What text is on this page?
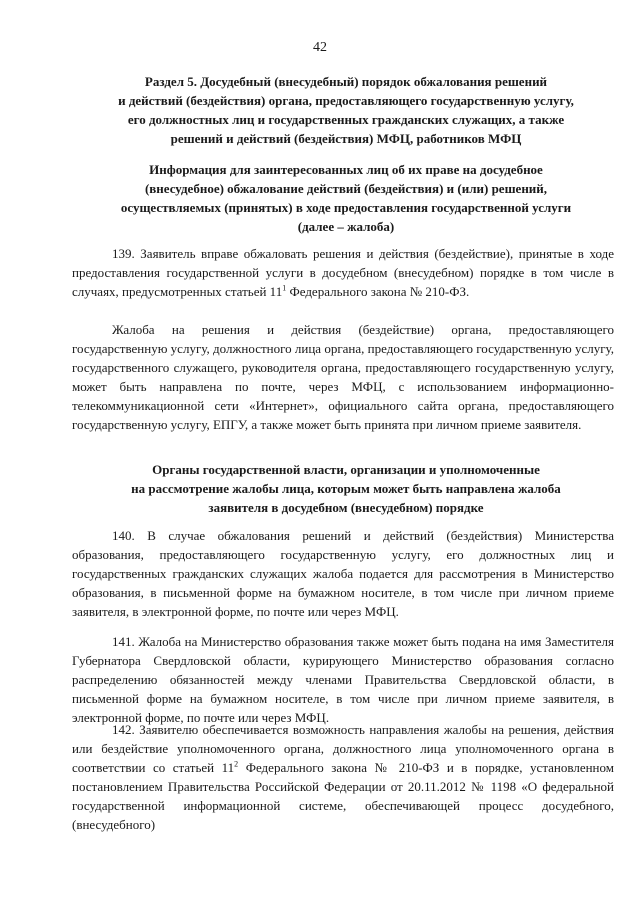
42
Раздел 5. Досудебный (внесудебный) порядок обжалования решений
и действий (бездействия) органа, предоставляющего государственную услугу,
его должностных лиц и государственных гражданских служащих, а также
решений и действий (бездействия) МФЦ, работников МФЦ
Информация для заинтересованных лиц об их праве на досудебное
(внесудебное) обжалование действий (бездействия) и (или) решений,
осуществляемых (принятых) в ходе предоставления государственной услуги
(далее – жалоба)
139. Заявитель вправе обжаловать решения и действия (бездействие), принятые в ходе предоставления государственной услуги в досудебном (внесудебном) порядке в том числе в случаях, предусмотренных статьей $11^1$ Федерального закона № 210-ФЗ.
Жалоба на решения и действия (бездействие) органа, предоставляющего государственную услугу, должностного лица органа, предоставляющего государственную услугу, государственного служащего, руководителя органа, предоставляющего государственную услугу, может быть направлена по почте, через МФЦ, с использованием информационно-телекоммуникационной сети «Интернет», официального сайта органа, предоставляющего государственную услугу, ЕПГУ, а также может быть принята при личном приеме заявителя.
Органы государственной власти, организации и уполномоченные
на рассмотрение жалобы лица, которым может быть направлена жалоба
заявителя в досудебном (внесудебном) порядке
140. В случае обжалования решений и действий (бездействия) Министерства образования, предоставляющего государственную услугу, его должностных лиц и государственных гражданских служащих жалоба подается для рассмотрения в Министерство образования, в письменной форме на бумажном носителе, в том числе при личном приеме заявителя, в электронной форме, по почте или через МФЦ.
141. Жалоба на Министерство образования также может быть подана на имя Заместителя Губернатора Свердловской области, курирующего Министерство образования согласно распределению обязанностей между членами Правительства Свердловской области, в письменной форме на бумажном носителе, в том числе при личном приеме заявителя, в электронной форме, по почте или через МФЦ.
142. Заявителю обеспечивается возможность направления жалобы на решения, действия или бездействие уполномоченного органа, должностного лица уполномоченного органа в соответствии со статьей $11^2$ Федерального закона № 210-ФЗ и в порядке, установленном постановлением Правительства Российской Федерации от 20.11.2012 № 1198 «О федеральной государственной информационной системе, обеспечивающей процесс досудебного, (внесудебного)
